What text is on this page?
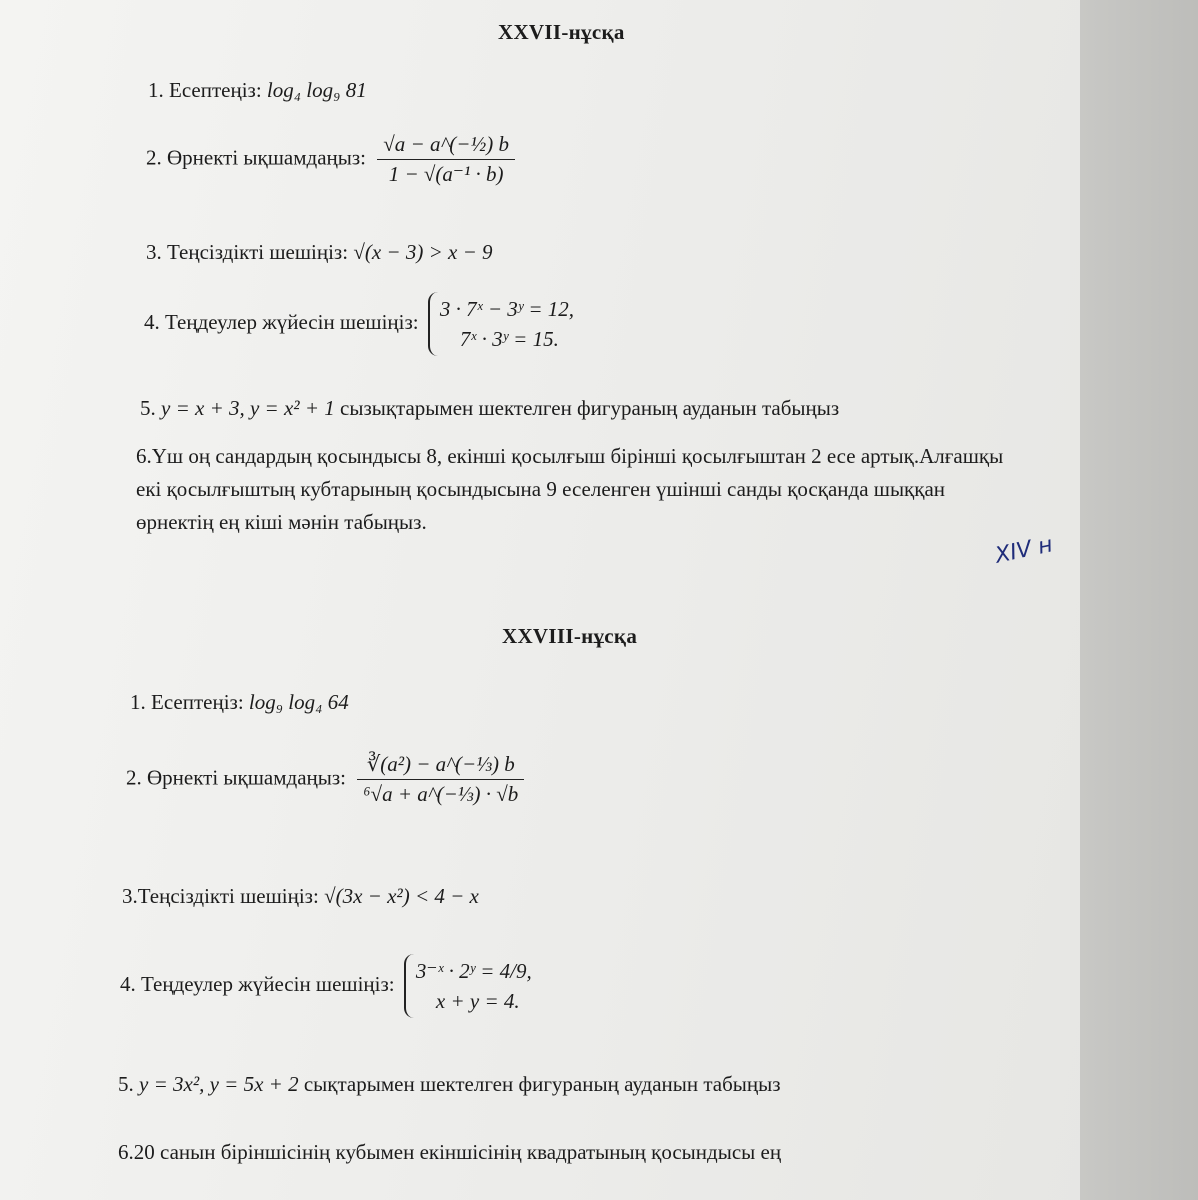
XXVII-нұсқа
1. Есептеңіз: log₄ log₉ 81
2. Өрнекті ықшамдаңыз: $\frac{\text{√a − a\textasciicircum{}(−½) b}}{\text{1 − √(a⁻¹ · b)}}$
3. Теңсіздікті шешіңіз: √(x − 3) > x − 9
4. Теңдеулер жүйесін шешіңіз:
3 · 7ˣ − 3ʸ = 12,
7ˣ · 3ʸ = 15.
5. y = x + 3, y = x² + 1 сызықтарымен шектелген фигураның ауданын табыңыз
6.Үш оң сандардың қосындысы 8, екінші қосылғыш бірінші қосылғыштан 2 есе артық.Алғашқы екі қосылғыштың кубтарының қосындысына 9 еселенген үшінші санды қосқанда шыққан өрнектің ең кіші мәнін табыңыз.
XIV н
XXVIII-нұсқа
1. Есептеңіз: log₉ log₄ 64
2. Өрнекті ықшамдаңыз: $\frac{\text{∛(a²) − a\textasciicircum{}(−⅓) b}}{\text{⁶√a + a\textasciicircum{}(−⅓) · √b}}$
3.Теңсіздікті шешіңіз: √(3x − x²) < 4 − x
4. Теңдеулер жүйесін шешіңіз:
3⁻ˣ · 2ʸ = 4/9,
x + y = 4.
5. y = 3x², y = 5x + 2 сықтарымен шектелген фигураның ауданын табыңыз
6.20 санын біріншісінің кубымен екіншісінің квадратының қосындысы ең
